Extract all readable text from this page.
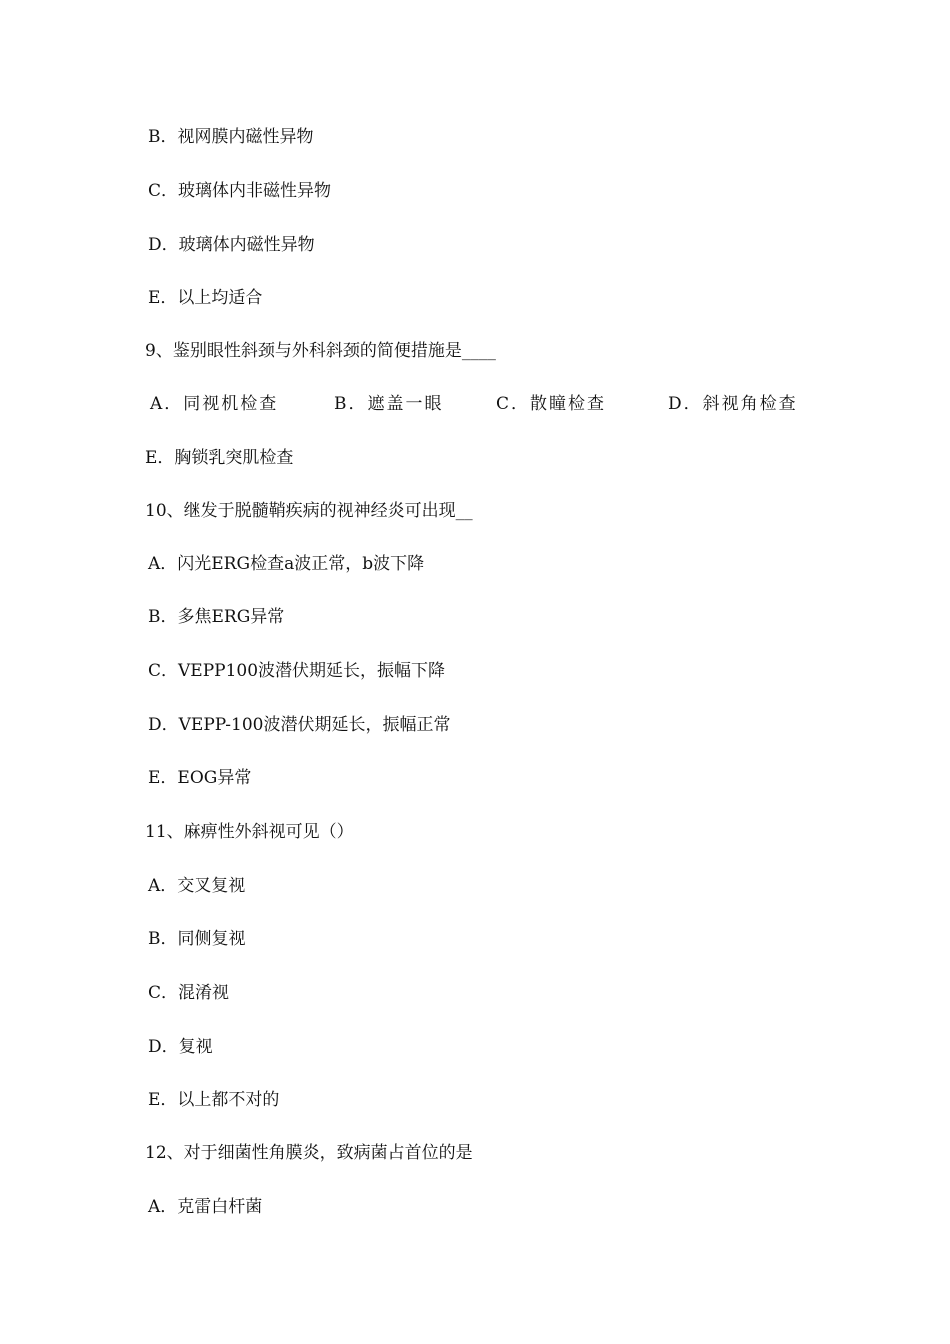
B．视网膜内磁性异物
C．玻璃体内非磁性异物
D．玻璃体内磁性异物
E．以上均适合
9、鉴别眼性斜颈与外科斜颈的简便措施是____
A．同视机检查	B．遮盖一眼	C．散瞳检查	D．斜视角检查
E．胸锁乳突肌检查
10、继发于脱髓鞘疾病的视神经炎可出现__
A．闪光ERG检查a波正常，b波下降
B．多焦ERG异常
C．VEPP100波潜伏期延长，振幅下降
D．VEPP-100波潜伏期延长，振幅正常
E．EOG异常
11、麻痹性外斜视可见（）
A．交叉复视
B．同侧复视
C．混淆视
D．复视
E．以上都不对的
12、对于细菌性角膜炎，致病菌占首位的是
A．克雷白杆菌
